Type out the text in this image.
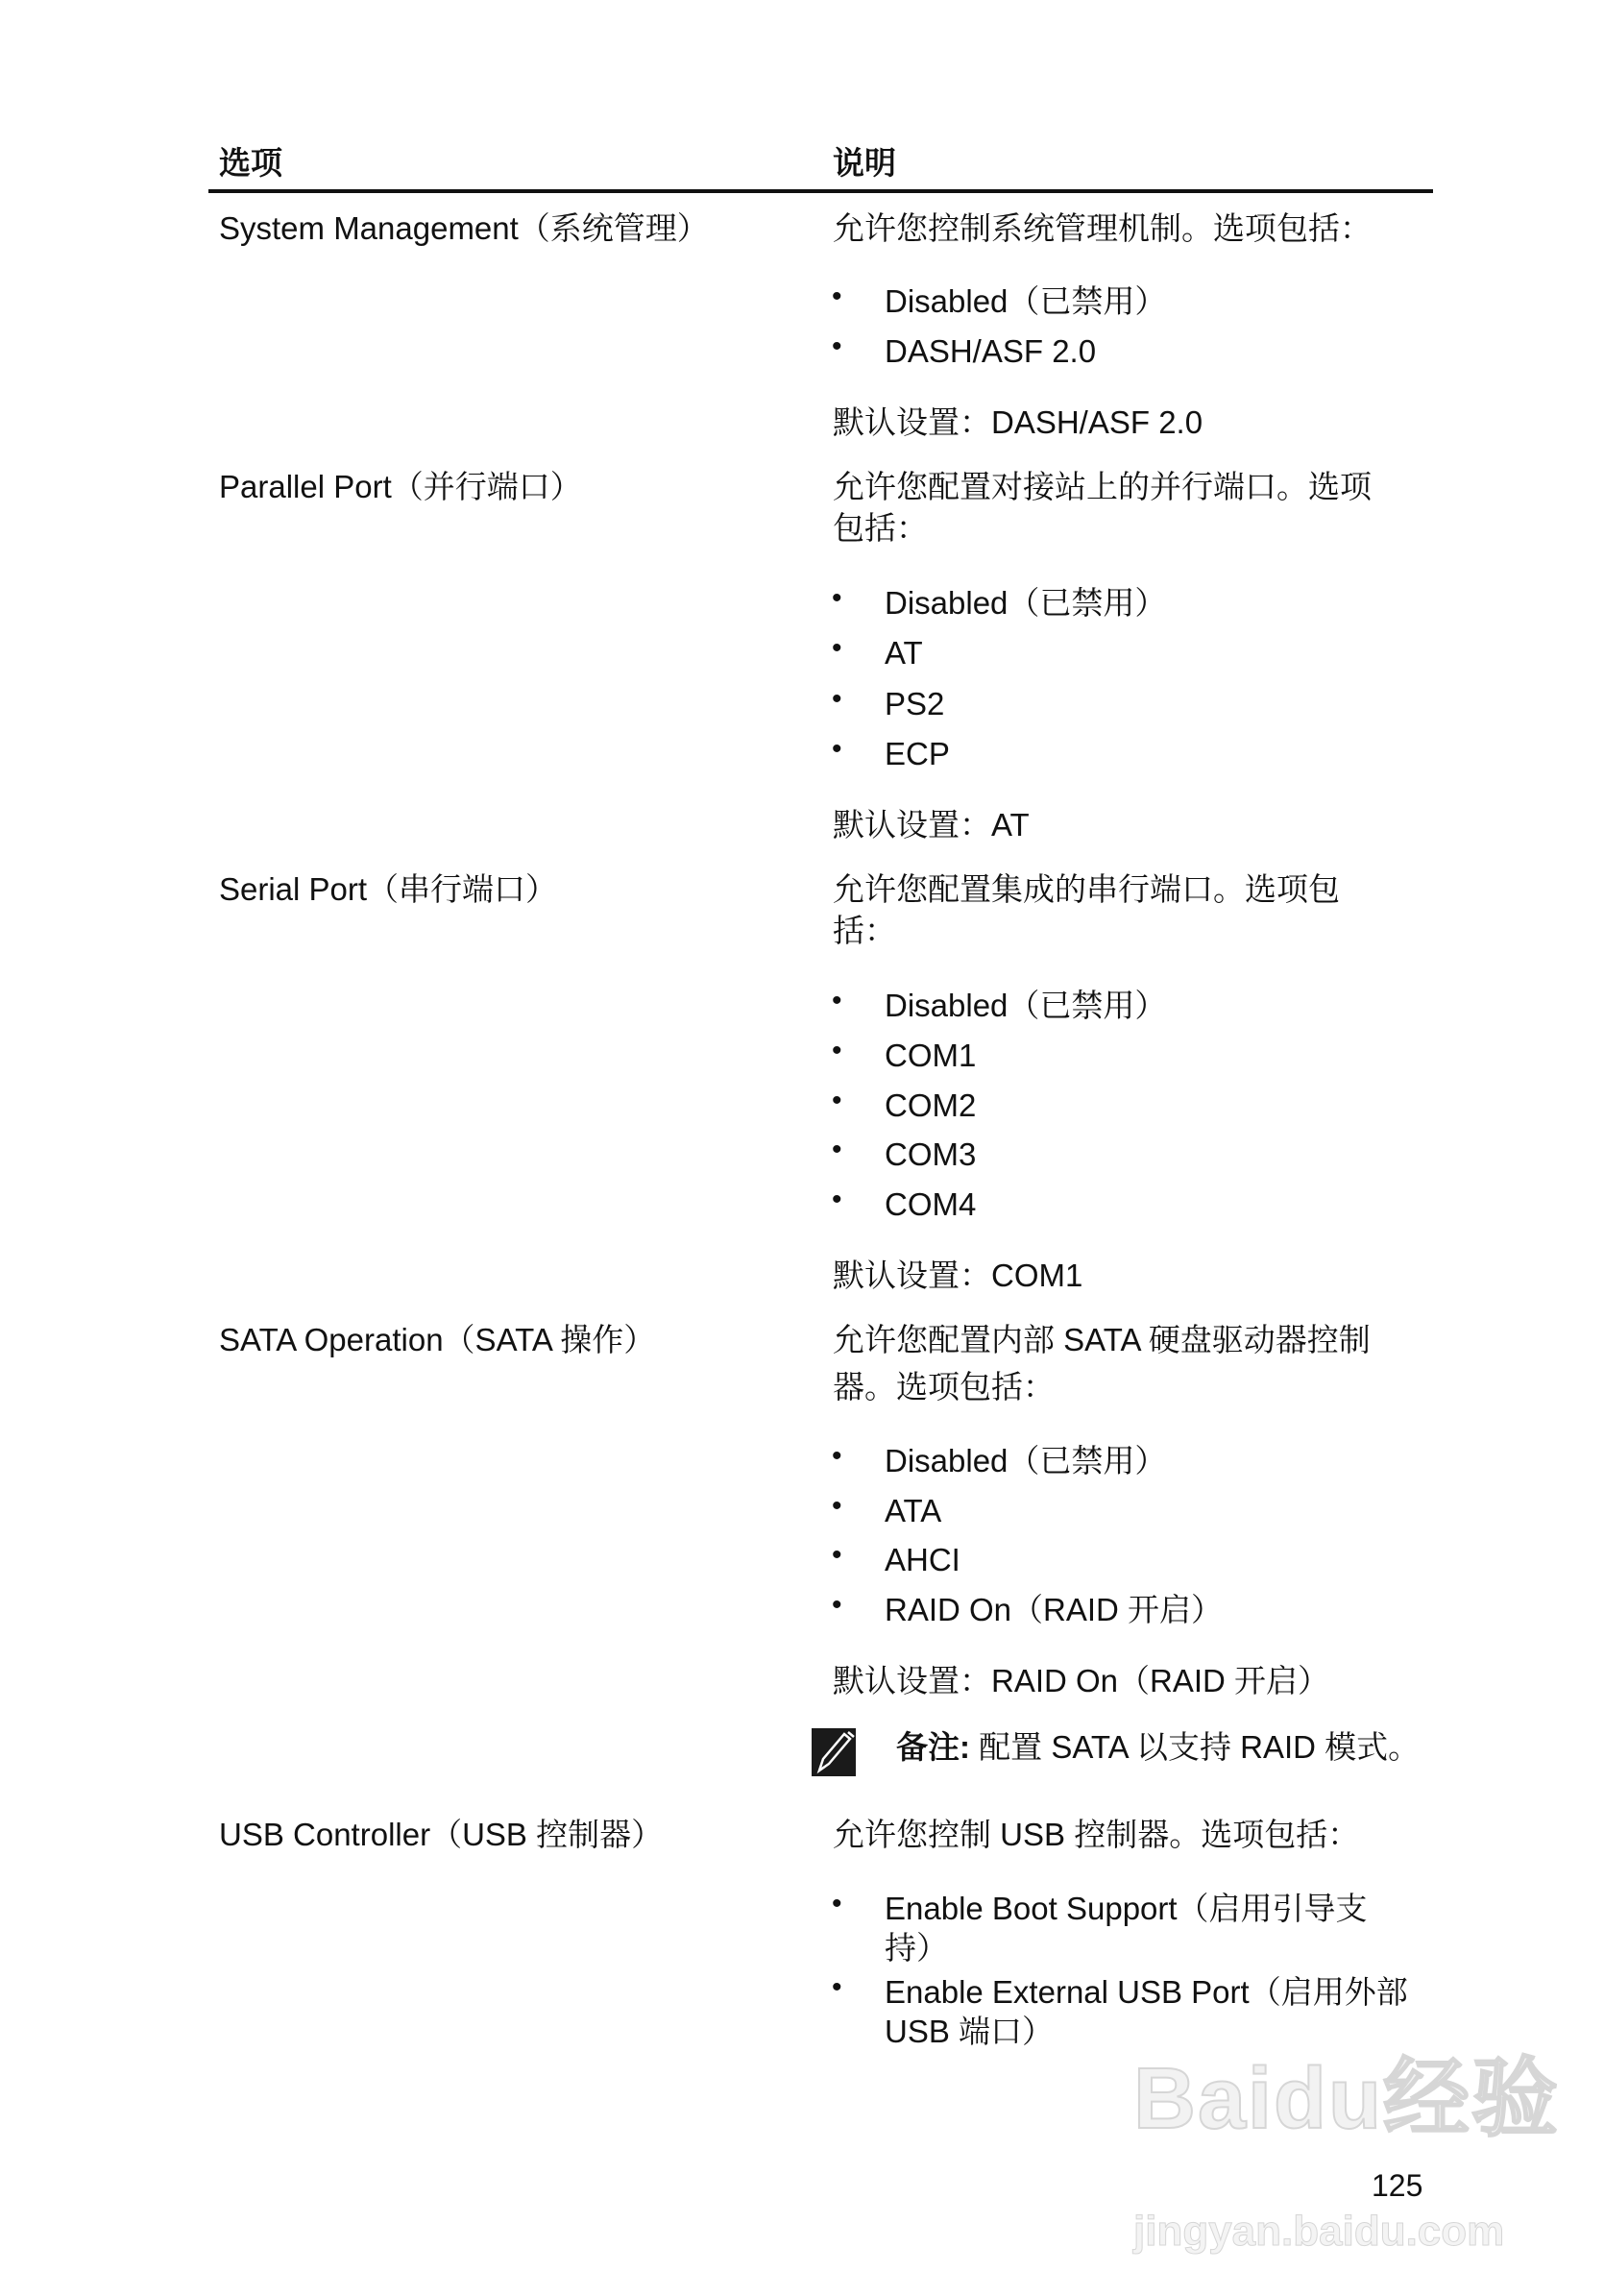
选项	说明
System Management（系统管理）	允许您控制系统管理机制。选项包括：
•
Disabled（已禁用）
•
DASH/ASF 2.0
默认设置：DASH/ASF 2.0
Parallel Port（并行端口）	允许您配置对接站上的并行端口。选项
包括：
•
Disabled（已禁用）
•
AT
•
PS2
•
ECP
默认设置：AT
Serial Port（串行端口）	允许您配置集成的串行端口。选项包
括：
•
Disabled（已禁用）
•
COM1
•
COM2
•
COM3
•
COM4
默认设置：COM1
SATA Operation（SATA 操作）	允许您配置内部 SATA 硬盘驱动器控制
器。选项包括：
•
Disabled（已禁用）
•
ATA
•
AHCI
•
RAID On（RAID 开启）
默认设置：RAID On（RAID 开启）
备注: 配置 SATA 以支持 RAID 模式。
USB Controller（USB 控制器）	允许您控制 USB 控制器。选项包括：
•
Enable Boot Support（启用引导支
持）
•
Enable External USB Port（启用外部
USB 端口）
Baidu经验
jingyan.baidu.com
125
